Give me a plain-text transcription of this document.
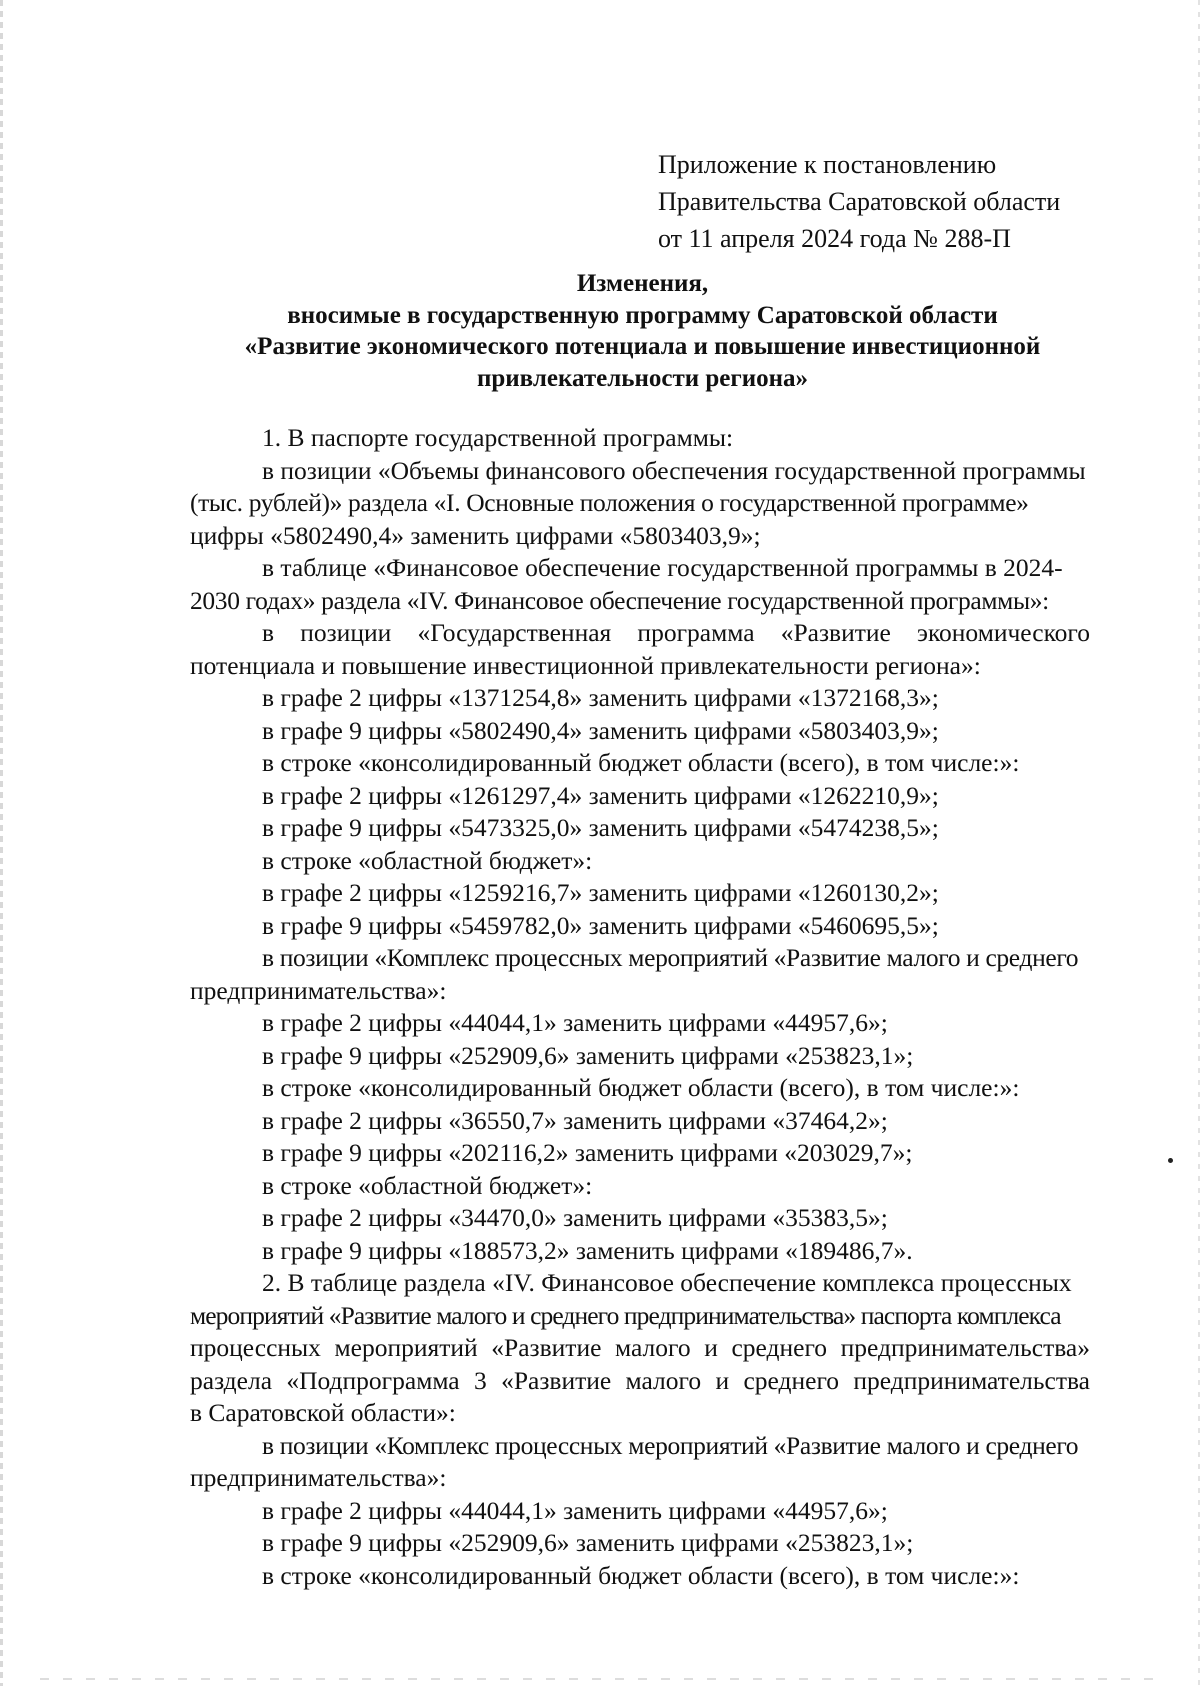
Приложение к постановлению
Правительства Саратовской области
от 11 апреля 2024 года № 288-П
Изменения,
вносимые в государственную программу Саратовской области
«Развитие экономического потенциала и повышение инвестиционной
привлекательности региона»
1. В паспорте государственной программы:
в позиции «Объемы финансового обеспечения государственной программы
(тыс. рублей)» раздела «I. Основные положения о государственной программе»
цифры «5802490,4» заменить цифрами «5803403,9»;
в таблице «Финансовое обеспечение государственной программы в 2024-
2030 годах» раздела «IV. Финансовое обеспечение государственной программы»:
в позиции «Государственная программа «Развитие экономического
потенциала и повышение инвестиционной привлекательности региона»:
в графе 2 цифры «1371254,8» заменить цифрами «1372168,3»;
в графе 9 цифры «5802490,4» заменить цифрами «5803403,9»;
в строке «консолидированный бюджет области (всего), в том числе:»:
в графе 2 цифры «1261297,4» заменить цифрами «1262210,9»;
в графе 9 цифры «5473325,0» заменить цифрами «5474238,5»;
в строке «областной бюджет»:
в графе 2 цифры «1259216,7» заменить цифрами «1260130,2»;
в графе 9 цифры «5459782,0» заменить цифрами «5460695,5»;
в позиции «Комплекс процессных мероприятий «Развитие малого и среднего
предпринимательства»:
в графе 2 цифры «44044,1» заменить цифрами «44957,6»;
в графе 9 цифры «252909,6» заменить цифрами «253823,1»;
в строке «консолидированный бюджет области (всего), в том числе:»:
в графе 2 цифры «36550,7» заменить цифрами «37464,2»;
в графе 9 цифры «202116,2» заменить цифрами «203029,7»;
в строке «областной бюджет»:
в графе 2 цифры «34470,0» заменить цифрами «35383,5»;
в графе 9 цифры «188573,2» заменить цифрами «189486,7».
2. В таблице раздела «IV. Финансовое обеспечение комплекса процессных
мероприятий «Развитие малого и среднего предпринимательства» паспорта комплекса
процессных мероприятий «Развитие малого и среднего предпринимательства»
раздела «Подпрограмма 3 «Развитие малого и среднего предпринимательства
в Саратовской области»:
в позиции «Комплекс процессных мероприятий «Развитие малого и среднего
предпринимательства»:
в графе 2 цифры «44044,1» заменить цифрами «44957,6»;
в графе 9 цифры «252909,6» заменить цифрами «253823,1»;
в строке «консолидированный бюджет области (всего), в том числе:»:
